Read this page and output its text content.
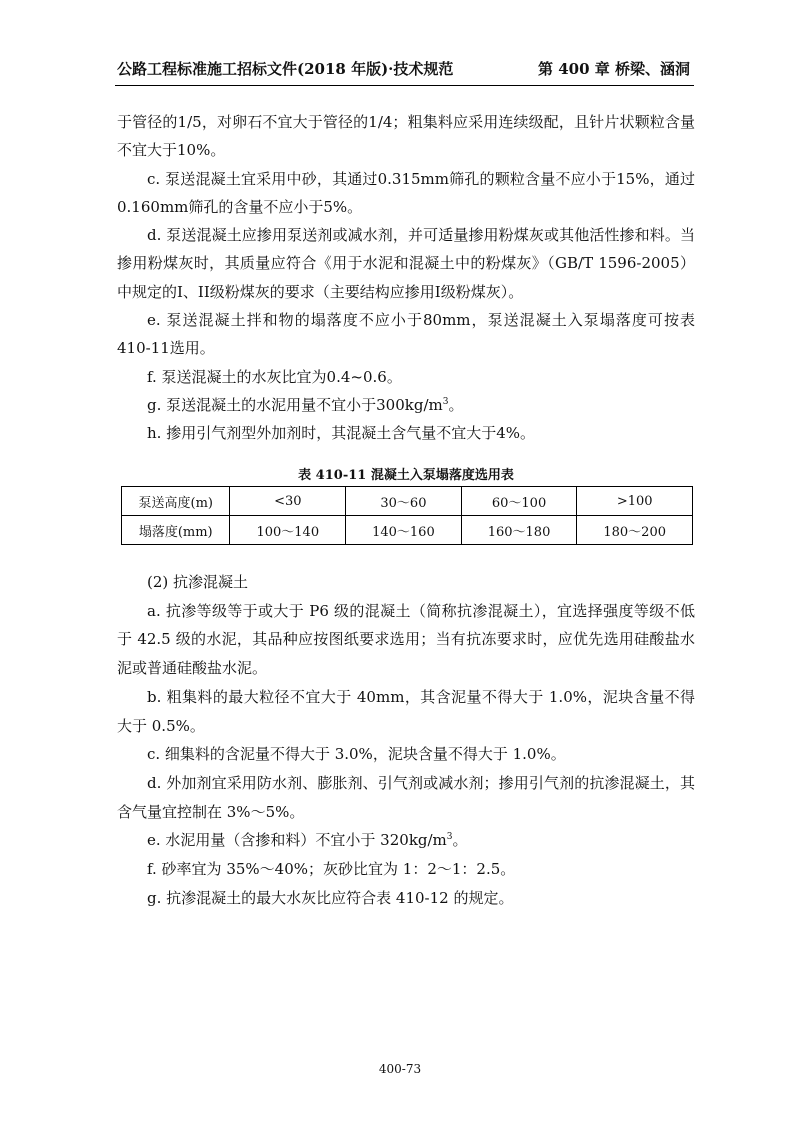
公路工程标准施工招标文件(2018 年版)·技术规范	第 400 章 桥梁、涵洞

于管径的1/5，对卵石不宜大于管径的1/4；粗集料应采用连续级配，且针片状颗粒含量不宜大于10%。

c. 泵送混凝土宜采用中砂，其通过0.315mm筛孔的颗粒含量不应小于15%，通过0.160mm筛孔的含量不应小于5%。

d. 泵送混凝土应掺用泵送剂或减水剂，并可适量掺用粉煤灰或其他活性掺和料。当掺用粉煤灰时，其质量应符合《用于水泥和混凝土中的粉煤灰》（GB/T 1596-2005）中规定的I、II级粉煤灰的要求（主要结构应掺用I级粉煤灰）。

e. 泵送混凝土拌和物的塌落度不应小于80mm，泵送混凝土入泵塌落度可按表410-11选用。

f. 泵送混凝土的水灰比宜为0.4~0.6。

g. 泵送混凝土的水泥用量不宜小于$300kg/m^3$。

h. 掺用引气剂型外加剂时，其混凝土含气量不宜大于4%。

表 410-11 混凝土入泵塌落度选用表
泵送高度(m)	<30	30～60	60～100	>100
塌落度(mm)	100～140	140～160	160～180	180～200

(2) 抗渗混凝土

a. 抗渗等级等于或大于 P6 级的混凝土（简称抗渗混凝土），宜选择强度等级不低于 42.5 级的水泥，其品种应按图纸要求选用；当有抗冻要求时，应优先选用硅酸盐水泥或普通硅酸盐水泥。

b. 粗集料的最大粒径不宜大于 40mm，其含泥量不得大于 1.0%，泥块含量不得大于 0.5%。

c. 细集料的含泥量不得大于 3.0%，泥块含量不得大于 1.0%。

d. 外加剂宜采用防水剂、膨胀剂、引气剂或减水剂；掺用引气剂的抗渗混凝土，其含气量宜控制在 3%～5%。

e. 水泥用量（含掺和料）不宜小于 $320kg/m^3$。

f. 砂率宜为 35%～40%；灰砂比宜为 1：2～1：2.5。

g. 抗渗混凝土的最大水灰比应符合表 410-12 的规定。

400-73
